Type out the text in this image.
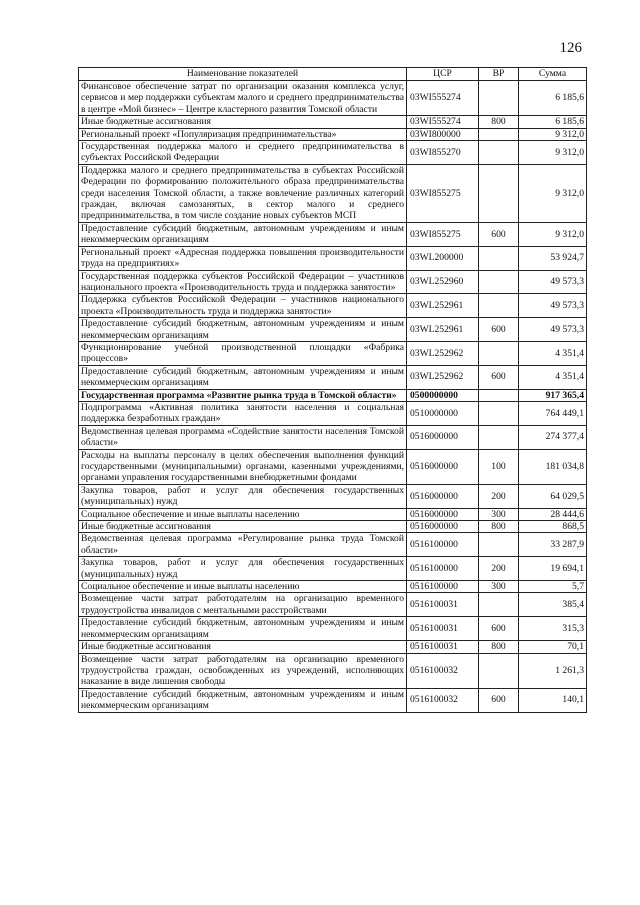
126
Наименование показателей	ЦСР	ВР	Сумма
Финансовое обеспечение затрат по организации оказания комплекса услуг, сервисов и мер поддержки субъектам малого и среднего предпринимательства в центре «Мой бизнес» – Центре кластерного развития Томской области	03WI555274		6 185,6
Иные бюджетные ассигнования	03WI555274	800	6 185,6
Региональный проект «Популяризация предпринимательства»	03WI800000		9 312,0
Государственная поддержка малого и среднего предпринимательства в субъектах Российской Федерации	03WI855270		9 312,0
Поддержка малого и среднего предпринимательства в субъектах Российской Федерации по формированию положительного образа предпринимательства среди населения Томской области, а также вовлечение различных категорий граждан, включая самозанятых, в сектор малого и среднего предпринимательства, в том числе создание новых субъектов МСП	03WI855275		9 312,0
Предоставление субсидий бюджетным, автономным учреждениям и иным некоммерческим организациям	03WI855275	600	9 312,0
Региональный проект «Адресная поддержка повышения производительности труда на предприятиях»	03WL200000		53 924,7
Государственная поддержка субъектов Российской Федерации – участников национального проекта «Производительность труда и поддержка занятости»	03WL252960		49 573,3
Поддержка субъектов Российской Федерации – участников национального проекта «Производительность труда и поддержка занятости»	03WL252961		49 573,3
Предоставление субсидий бюджетным, автономным учреждениям и иным некоммерческим организациям	03WL252961	600	49 573,3
Функционирование учебной производственной площадки «Фабрика процессов»	03WL252962		4 351,4
Предоставление субсидий бюджетным, автономным учреждениям и иным некоммерческим организациям	03WL252962	600	4 351,4
Государственная программа «Развитие рынка труда в Томской области»	0500000000		917 365,4
Подпрограмма «Активная политика занятости населения и социальная поддержка безработных граждан»	0510000000		764 449,1
Ведомственная целевая программа «Содействие занятости населения Томской области»	0516000000		274 377,4
Расходы на выплаты персоналу в целях обеспечения выполнения функций государственными (муниципальными) органами, казенными учреждениями, органами управления государственными внебюджетными фондами	0516000000	100	181 034,8
Закупка товаров, работ и услуг для обеспечения государственных (муниципальных) нужд	0516000000	200	64 029,5
Социальное обеспечение и иные выплаты населению	0516000000	300	28 444,6
Иные бюджетные ассигнования	0516000000	800	868,5
Ведомственная целевая программа «Регулирование рынка труда Томской области»	0516100000		33 287,9
Закупка товаров, работ и услуг для обеспечения государственных (муниципальных) нужд	0516100000	200	19 694,1
Социальное обеспечение и иные выплаты населению	0516100000	300	5,7
Возмещение части затрат работодателям на организацию временного трудоустройства инвалидов с ментальными расстройствами	0516100031		385,4
Предоставление субсидий бюджетным, автономным учреждениям и иным некоммерческим организациям	0516100031	600	315,3
Иные бюджетные ассигнования	0516100031	800	70,1
Возмещение части затрат работодателям на организацию временного трудоустройства граждан, освобожденных из учреждений, исполняющих наказание в виде лишения свободы	0516100032		1 261,3
Предоставление субсидий бюджетным, автономным учреждениям и иным некоммерческим организациям	0516100032	600	140,1
